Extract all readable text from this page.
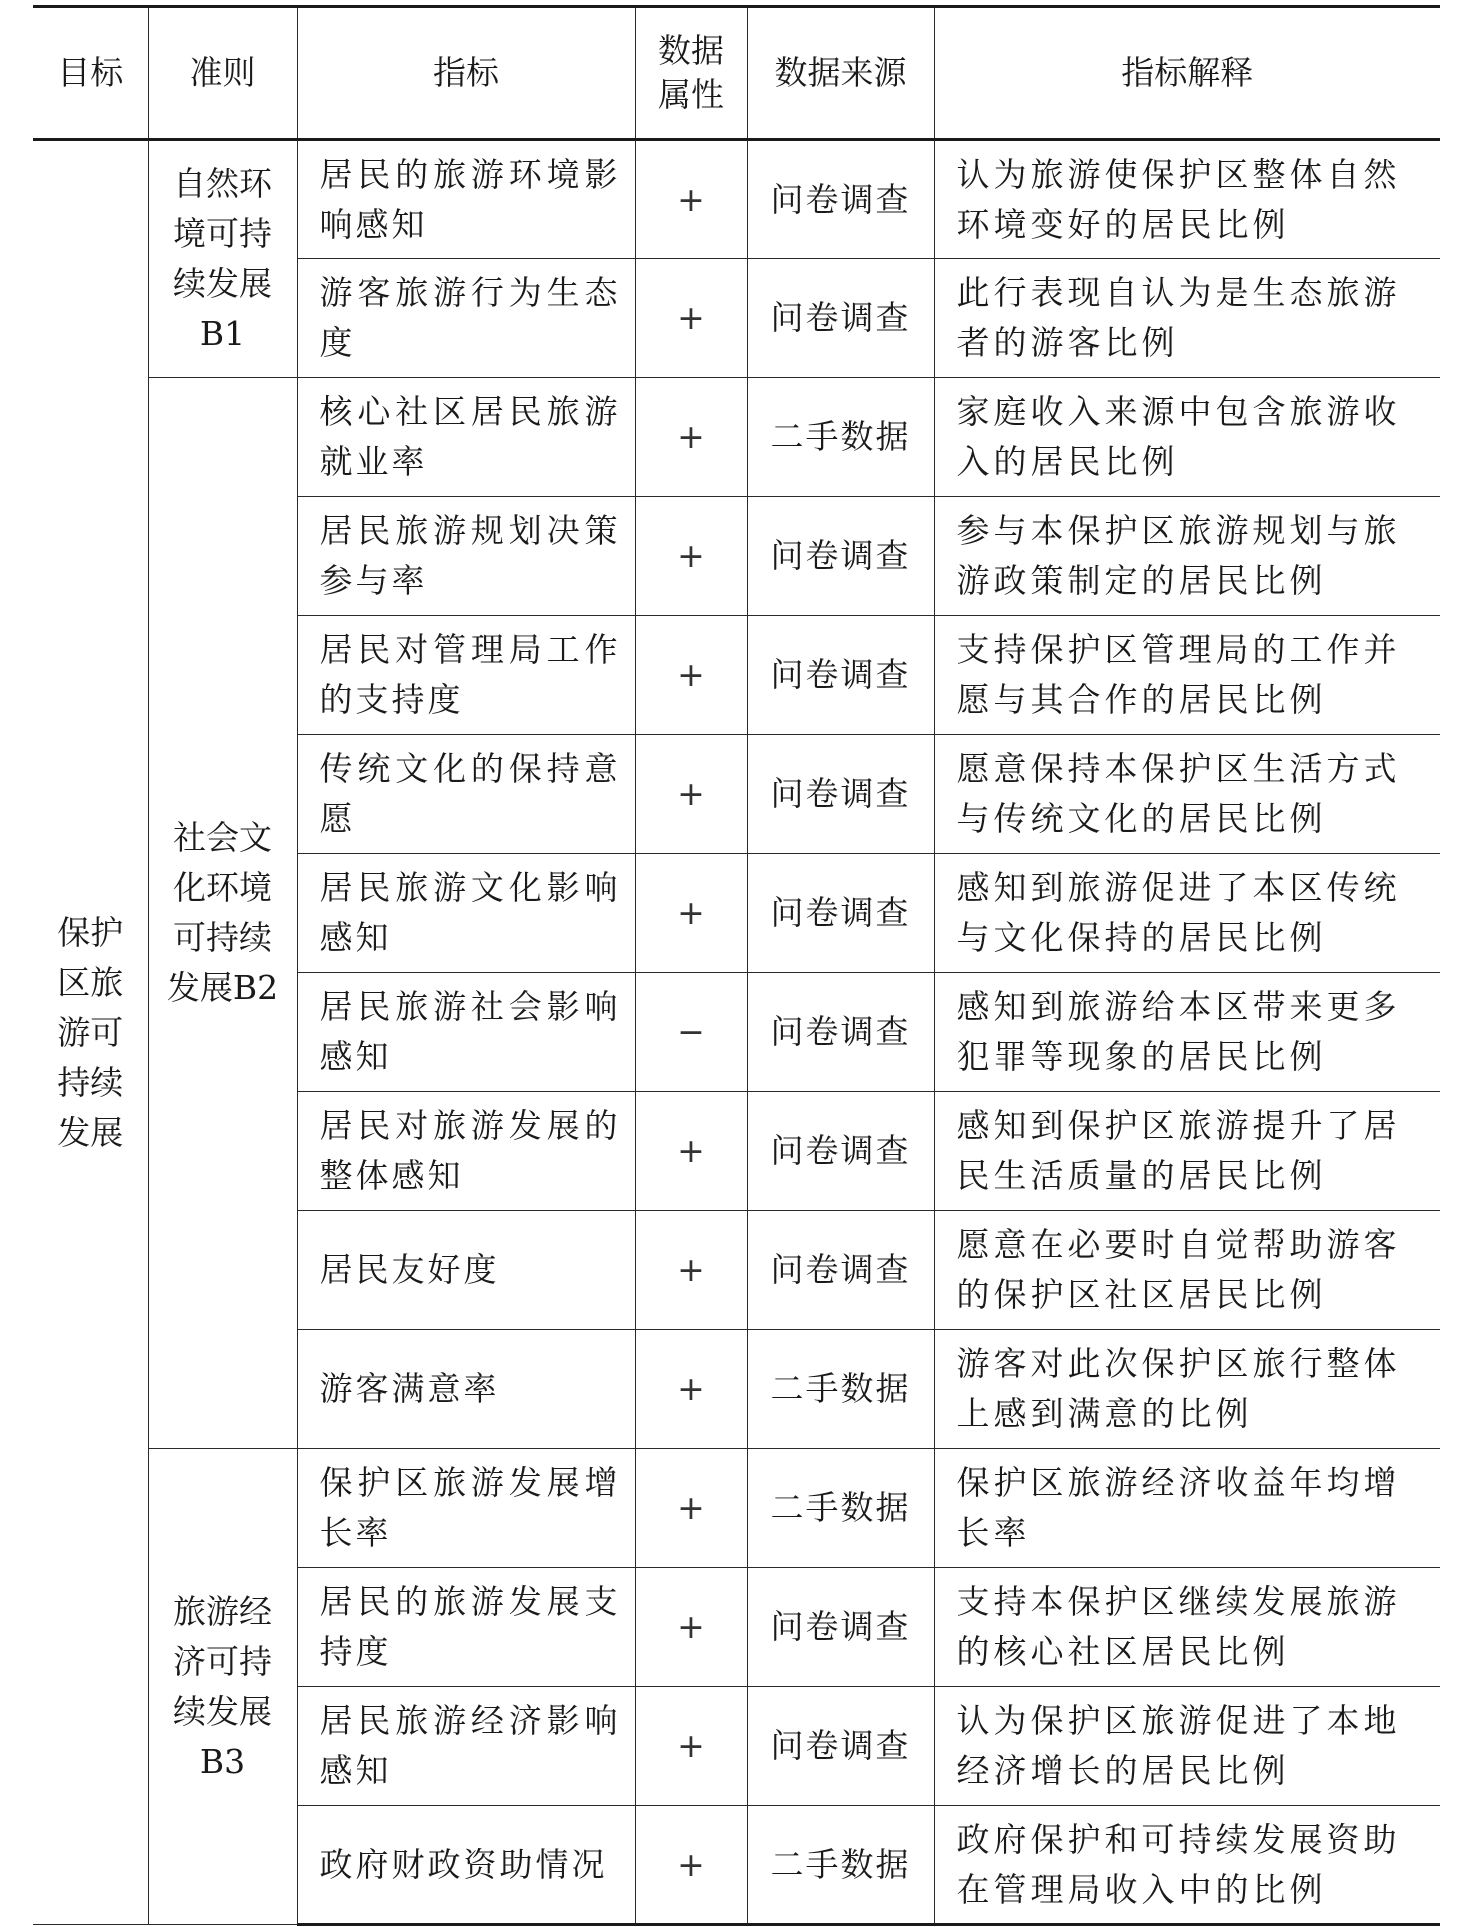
目标	准则	指标	数据属性	数据来源	指标解释
保护区旅游可持续发展	自然环境可持续发展B1	居民的旅游环境影响感知	+	问卷调查	认为旅游使保护区整体自然环境变好的居民比例
		游客旅游行为生态度	+	问卷调查	此行表现自认为是生态旅游者的游客比例
	社会文化环境可持续发展B2	核心社区居民旅游就业率	+	二手数据	家庭收入来源中包含旅游收入的居民比例
		居民旅游规划决策参与率	+	问卷调查	参与本保护区旅游规划与旅游政策制定的居民比例
		居民对管理局工作的支持度	+	问卷调查	支持保护区管理局的工作并愿与其合作的居民比例
		传统文化的保持意愿	+	问卷调查	愿意保持本保护区生活方式与传统文化的居民比例
		居民旅游文化影响感知	+	问卷调查	感知到旅游促进了本区传统与文化保持的居民比例
		居民旅游社会影响感知	−	问卷调查	感知到旅游给本区带来更多犯罪等现象的居民比例
		居民对旅游发展的整体感知	+	问卷调查	感知到保护区旅游提升了居民生活质量的居民比例
		居民友好度	+	问卷调查	愿意在必要时自觉帮助游客的保护区社区居民比例
		游客满意率	+	二手数据	游客对此次保护区旅行整体上感到满意的比例
	旅游经济可持续发展B3	保护区旅游发展增长率	+	二手数据	保护区旅游经济收益年均增长率
		居民的旅游发展支持度	+	问卷调查	支持本保护区继续发展旅游的核心社区居民比例
		居民旅游经济影响感知	+	问卷调查	认为保护区旅游促进了本地经济增长的居民比例
		政府财政资助情况	+	二手数据	政府保护和可持续发展资助在管理局收入中的比例
